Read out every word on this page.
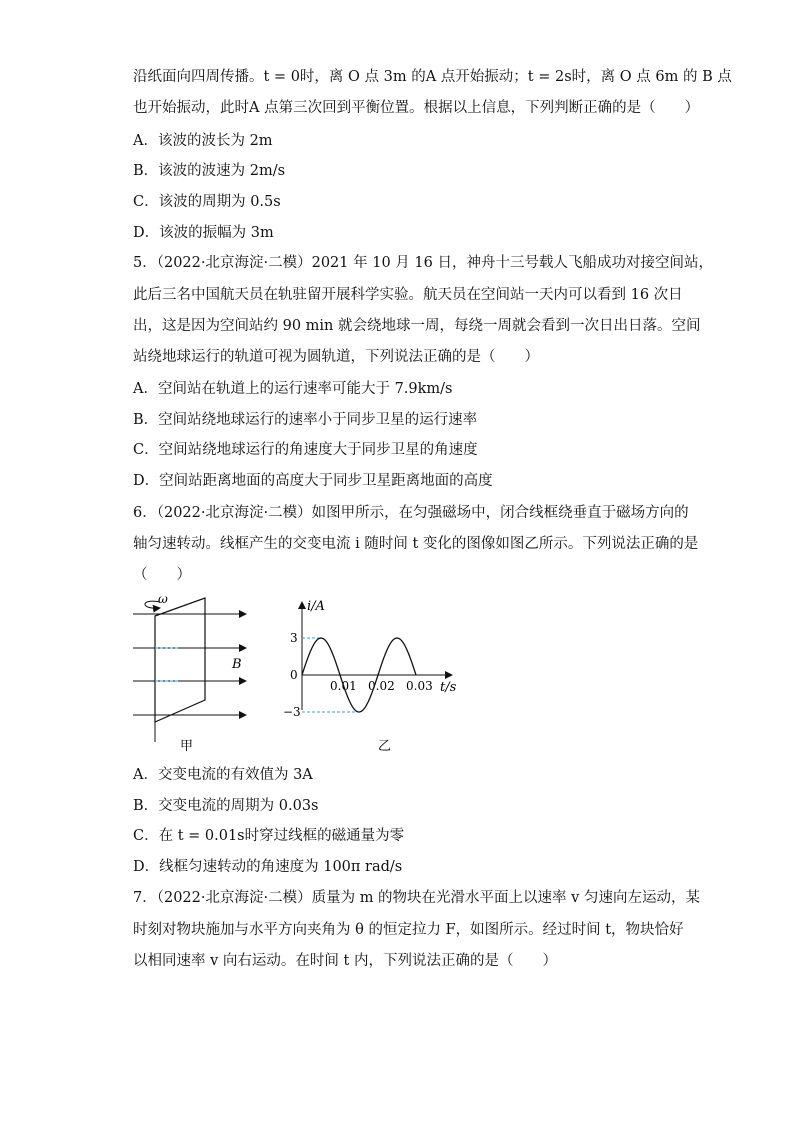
沿纸面向四周传播。t = 0时，离 O 点 3m 的A 点开始振动；t = 2s时，离 O 点 6m 的 B 点
也开始振动，此时A 点第三次回到平衡位置。根据以上信息，下列判断正确的是（　　）
A．该波的波长为 2m
B．该波的波速为 2m/s
C．该波的周期为 0.5s
D．该波的振幅为 3m
5．（2022·北京海淀·二模）2021 年 10 月 16 日，神舟十三号载人飞船成功对接空间站，
此后三名中国航天员在轨驻留开展科学实验。航天员在空间站一天内可以看到 16 次日
出，这是因为空间站约 90 min 就会绕地球一周，每绕一周就会看到一次日出日落。空间
站绕地球运行的轨道可视为圆轨道，下列说法正确的是（　　）
A．空间站在轨道上的运行速率可能大于 7.9km/s
B．空间站绕地球运行的速率小于同步卫星的运行速率
C．空间站绕地球运行的角速度大于同步卫星的角速度
D．空间站距离地面的高度大于同步卫星距离地面的高度
6．（2022·北京海淀·二模）如图甲所示，在匀强磁场中，闭合线框绕垂直于磁场方向的
轴匀速转动。线框产生的交变电流 i 随时间 t 变化的图像如图乙所示。下列说法正确的是
（　　）
ω
B
甲
i/A
t/s
3
0
−3
0.01 0.02 0.03
乙
A．交变电流的有效值为 3A
B．交变电流的周期为 0.03s
C．在 t = 0.01s时穿过线框的磁通量为零
D．线框匀速转动的角速度为 100π rad/s
7．（2022·北京海淀·二模）质量为 m 的物块在光滑水平面上以速率 v 匀速向左运动，某
时刻对物块施加与水平方向夹角为 θ 的恒定拉力 F，如图所示。经过时间 t，物块恰好
以相同速率 v 向右运动。在时间 t 内，下列说法正确的是（　　）
